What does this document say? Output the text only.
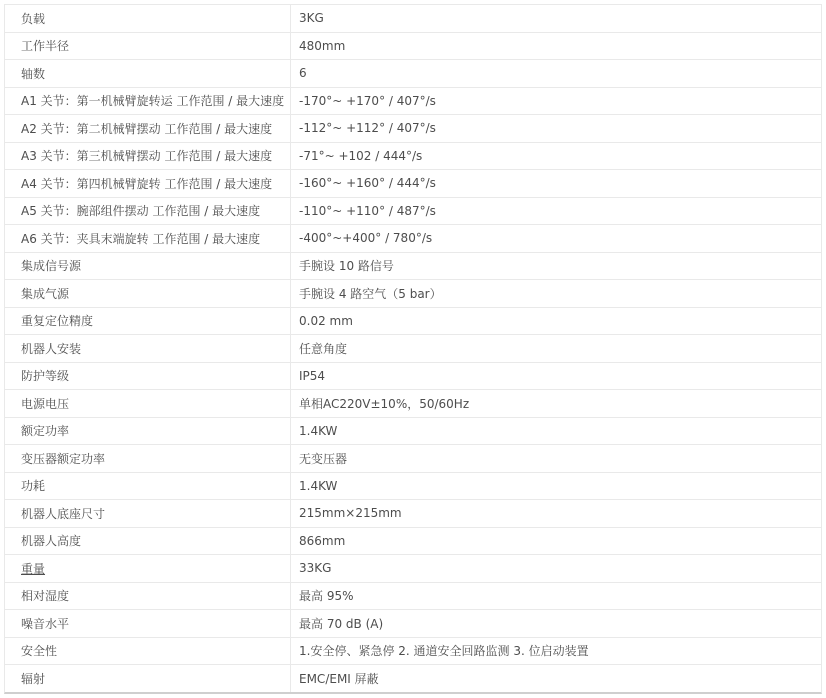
负载	3KG
工作半径	480mm
轴数	6
A1 关节：第一机械臂旋转运 工作范围 / 最大速度	-170°~ +170° / 407°/s
A2 关节：第二机械臂摆动 工作范围 / 最大速度	-112°~ +112° / 407°/s
A3 关节：第三机械臂摆动 工作范围 / 最大速度	-71°~ +102 / 444°/s
A4 关节：第四机械臂旋转 工作范围 / 最大速度	-160°~ +160° / 444°/s
A5 关节：腕部组件摆动 工作范围 / 最大速度	-110°~ +110° / 487°/s
A6 关节：夹具末端旋转 工作范围 / 最大速度	-400°~+400° / 780°/s
集成信号源	手腕设 10 路信号
集成气源	手腕设 4 路空气（5 bar）
重复定位精度	0.02 mm
机器人安装	任意角度
防护等级	IP54
电源电压	单相AC220V±10%，50/60Hz
额定功率	1.4KW
变压器额定功率	无变压器
功耗	1.4KW
机器人底座尺寸	215mm×215mm
机器人高度	866mm
重量	33KG
相对湿度	最高 95%
噪音水平	最高 70 dB (A)
安全性	1.安全停、紧急停 2. 通道安全回路监测 3. 位启动装置
辐射	EMC/EMI 屏蔽
